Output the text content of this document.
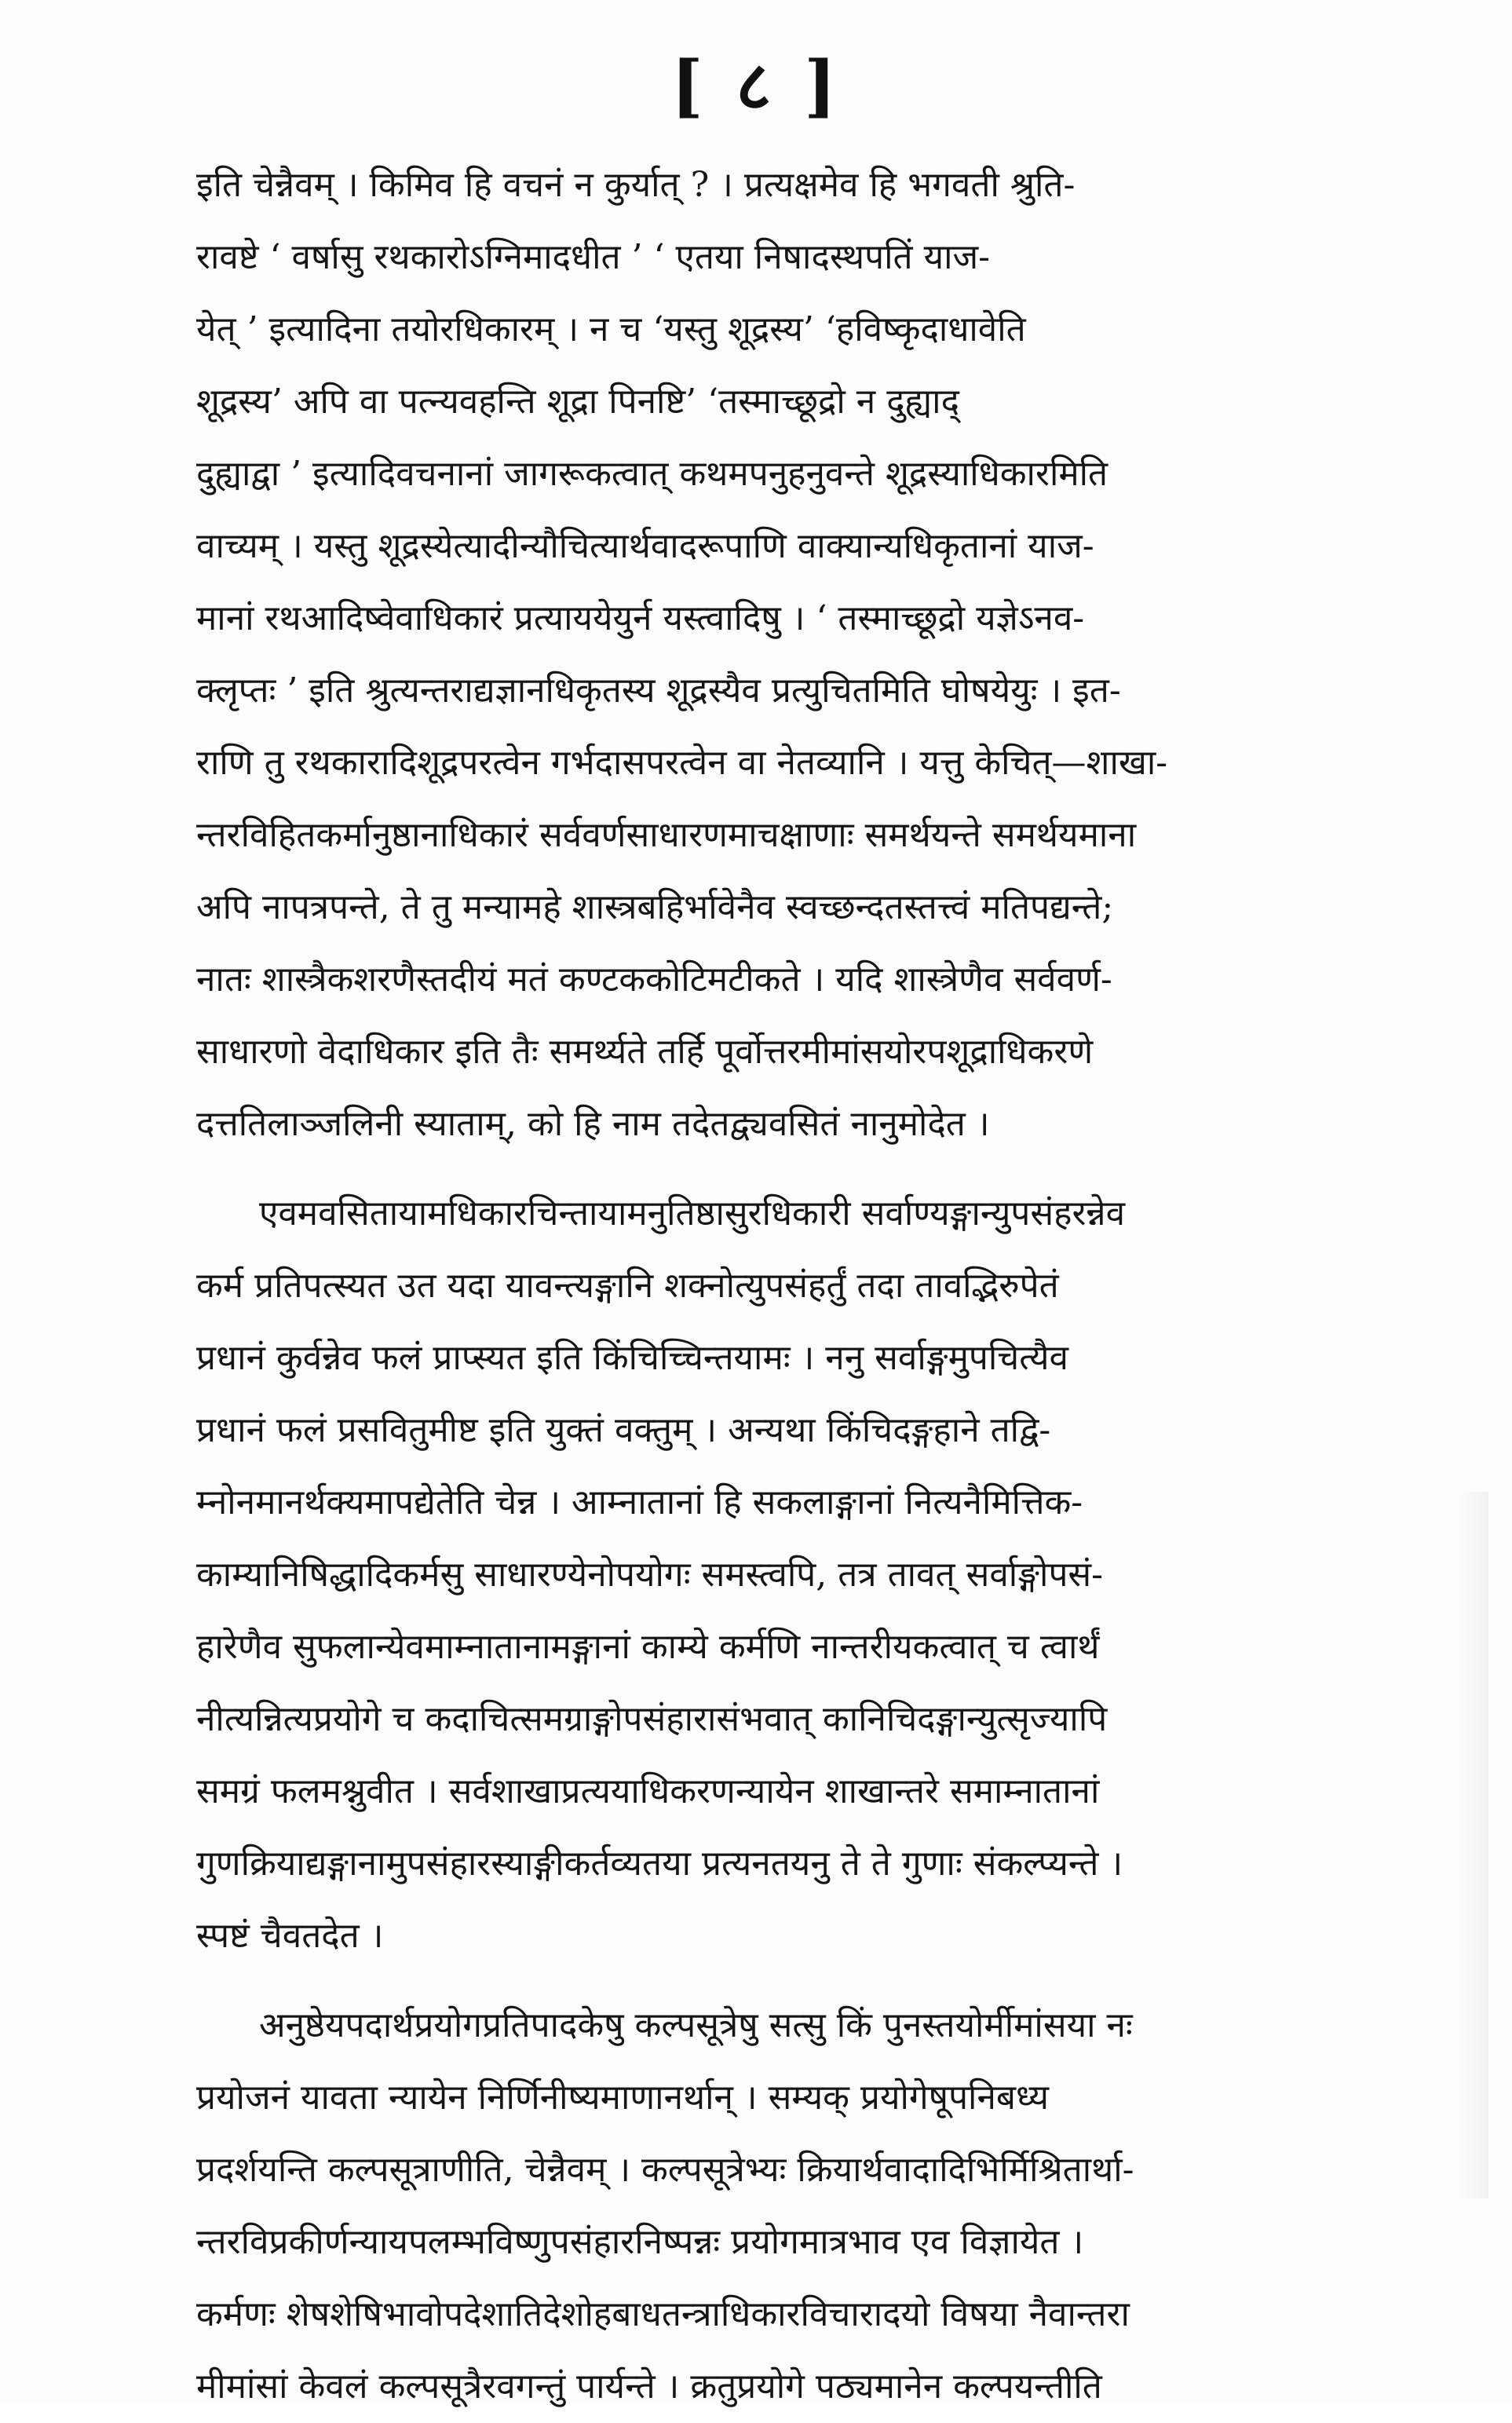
[ ८ ]
इति चेन्नैवम् । किमिव हि वचनं न कुर्यात् ? । प्रत्यक्षमेव हि भगवती श्रुति-
रावष्टे ‘ वर्षासु रथकारोऽग्निमादधीत ’ ‘ एतया निषादस्थपतिं याज-
येत् ’ इत्यादिना तयोरधिकारम् । न च ‘यस्तु शूद्रस्य’ ‘हविष्कृदाधावेति
शूद्रस्य’ अपि वा पत्न्यवहन्ति शूद्रा पिनष्टि’ ‘तस्माच्छूद्रो न दुह्याद्
दुह्याद्वा ’ इत्यादिवचनानां जागरूकत्वात् कथमपनुहनुवन्ते शूद्रस्याधिकारमिति
वाच्यम् । यस्तु शूद्रस्येत्यादीन्यौचित्यार्थवादरूपाणि वाक्यान्यधिकृतानां याज-
मानां रथआदिष्वेवाधिकारं प्रत्याययेयुर्न यस्त्वादिषु । ‘ तस्माच्छूद्रो यज्ञेऽनव-
क्लृप्तः ’ इति श्रुत्यन्तराद्यज्ञानधिकृतस्य शूद्रस्यैव प्रत्युचितमिति घोषयेयुः । इत-
राणि तु रथकारादिशूद्रपरत्वेन गर्भदासपरत्वेन वा नेतव्यानि । यत्तु केचित्—शाखा-
न्तरविहितकर्मानुष्ठानाधिकारं सर्ववर्णसाधारणमाचक्षाणाः समर्थयन्ते समर्थयमाना
अपि नापत्रपन्ते, ते तु मन्यामहे शास्त्रबहिर्भावेनैव स्वच्छन्दतस्तत्त्वं मतिपद्यन्ते;
नातः शास्त्रैकशरणैस्तदीयं मतं कण्टककोटिमटीकते । यदि शास्त्रेणैव सर्ववर्ण-
साधारणो वेदाधिकार इति तैः समर्थ्यते तर्हि पूर्वोत्तरमीमांसयोरपशूद्राधिकरणे
दत्ततिलाञ्जलिनी स्याताम्, को हि नाम तदेतद्व्यवसितं नानुमोदेत ।
एवमवसितायामधिकारचिन्तायामनुतिष्ठासुरधिकारी सर्वाण्यङ्गान्युपसंहरन्नेव
कर्म प्रतिपत्स्यत उत यदा यावन्त्यङ्गानि शक्नोत्युपसंहर्तुं तदा तावद्भिरुपेतं
प्रधानं कुर्वन्नेव फलं प्राप्स्यत इति किंचिच्चिन्तयामः । ननु सर्वाङ्गमुपचित्यैव
प्रधानं फलं प्रसवितुमीष्ट इति युक्तं वक्तुम् । अन्यथा किंचिदङ्गहाने तद्वि-
म्नोनमानर्थक्यमापद्येतेति चेन्न । आम्नातानां हि सकलाङ्गानां नित्यनैमित्तिक-
काम्यानिषिद्धादिकर्मसु साधारण्येनोपयोगः समस्त्वपि, तत्र तावत् सर्वाङ्गोपसं-
हारेणैव सुफलान्येवमाम्नातानामङ्गानां काम्ये कर्मणि नान्तरीयकत्वात् च त्वार्थं
नीत्यन्नित्यप्रयोगे च कदाचित्समग्राङ्गोपसंहारासंभवात् कानिचिदङ्गान्युत्सृज्यापि
समग्रं फलमश्नुवीत । सर्वशाखाप्रत्ययाधिकरणन्यायेन शाखान्तरे समाम्नातानां
गुणक्रियाद्यङ्गानामुपसंहारस्याङ्गीकर्तव्यतया प्रत्यनतयनु ते ते गुणाः संकल्प्यन्ते ।
स्पष्टं चैवतदेत ।
अनुष्ठेयपदार्थप्रयोगप्रतिपादकेषु कल्पसूत्रेषु सत्सु किं पुनस्तयोर्मीमांसया नः
प्रयोजनं यावता न्यायेन निर्णिनीष्यमाणानर्थान् । सम्यक् प्रयोगेषूपनिबध्य
प्रदर्शयन्ति कल्पसूत्राणीति, चेन्नैवम् । कल्पसूत्रेभ्यः क्रियार्थवादादिभिर्मिश्रितार्था-
न्तरविप्रकीर्णन्यायपलम्भविष्णुपसंहारनिष्पन्नः प्रयोगमात्रभाव एव विज्ञायेत ।
कर्मणः शेषशेषिभावोपदेशातिदेशोहबाधतन्त्राधिकारविचारादयो विषया नैवान्तरा
मीमांसां केवलं कल्पसूत्रैरवगन्तुं पार्यन्ते । क्रतुप्रयोगे पठ्यमानेन कल्पयन्तीति
